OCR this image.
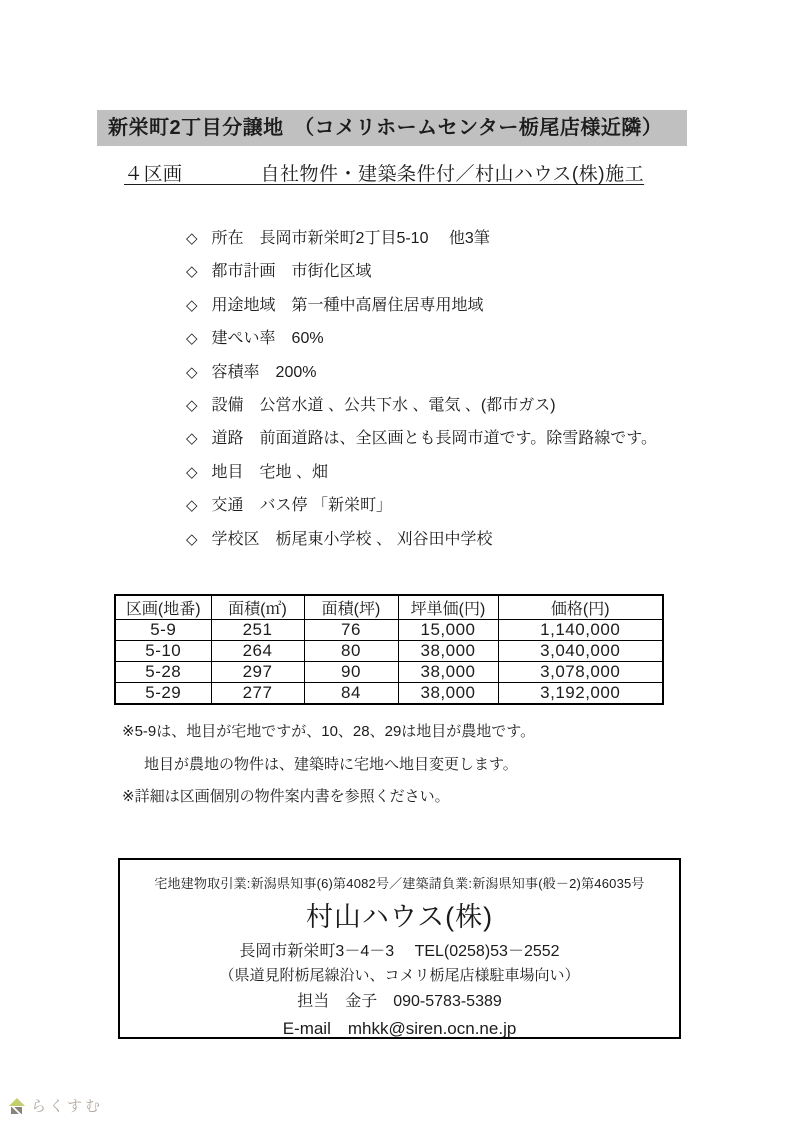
新栄町2丁目分譲地　（コメリホームセンター栃尾店様近隣）
４区画　　　　自社物件・建築条件付／村山ハウス(株)施工
◇ 所在　長岡市新栄町2丁目5-10　 他3筆
◇ 都市計画　市街化区域
◇ 用途地域　第一種中高層住居専用地域
◇ 建ぺい率　60%
◇ 容積率　200%
◇ 設備　公営水道 、公共下水 、電気 、(都市ガス)
◇ 道路　前面道路は、全区画とも長岡市道です。除雪路線です。
◇ 地目　宅地 、畑
◇ 交通　バス停 「新栄町」
◇ 学校区　栃尾東小学校 、 刈谷田中学校
区画(地番)	面積(㎡)	面積(坪)	坪単価(円)	価格(円)
5-9	251	76	15,000	1,140,000
5-10	264	80	38,000	3,040,000
5-28	297	90	38,000	3,078,000
5-29	277	84	38,000	3,192,000
※5-9は、地目が宅地ですが、10、28、29は地目が農地です。
地目が農地の物件は、建築時に宅地へ地目変更します。
※詳細は区画個別の物件案内書を参照ください。
宅地建物取引業:新潟県知事(6)第4082号／建築請負業:新潟県知事(般－2)第46035号
村山ハウス(株)
長岡市新栄町3－4－3　 TEL(0258)53－2552
（県道見附栃尾線沿い、コメリ栃尾店様駐車場向い）
担当　金子　090-5783-5389
E-mail　mhkk@siren.ocn.ne.jp
らくすむ
